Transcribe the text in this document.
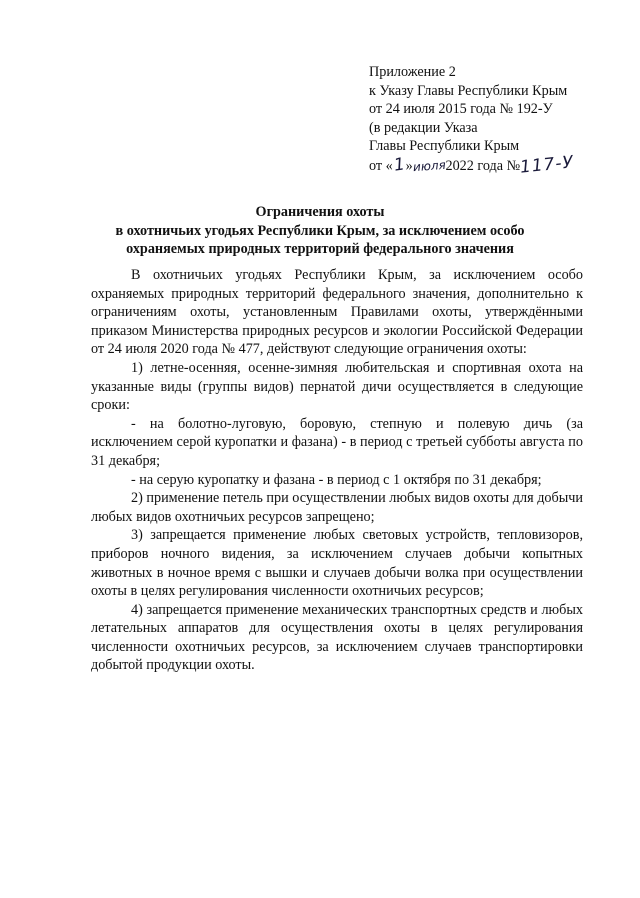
Приложение 2
к Указу Главы Республики Крым
от 24 июля 2015 года № 192-У
(в редакции Указа
Главы Республики Крым
от «1»июля2022 года №117-У
Ограничения охоты
в охотничьих угодьях Республики Крым, за исключением особо
охраняемых природных территорий федерального значения

В охотничьих угодьях Республики Крым, за исключением особо охраняемых природных территорий федерального значения, дополнительно к ограничениям охоты, установленным Правилами охоты, утверждёнными приказом Министерства природных ресурсов и экологии Российской Федерации от 24 июля 2020 года № 477, действуют следующие ограничения охоты:

1) летне-осенняя, осенне-зимняя любительская и спортивная охота на указанные виды (группы видов) пернатой дичи осуществляется в следующие сроки:

- на болотно-луговую, боровую, степную и полевую дичь (за исключением серой куропатки и фазана) - в период с третьей субботы августа по 31 декабря;

- на серую куропатку и фазана - в период с 1 октября по 31 декабря;

2) применение петель при осуществлении любых видов охоты для добычи любых видов охотничьих ресурсов запрещено;

3) запрещается применение любых световых устройств, тепловизоров, приборов ночного видения, за исключением случаев добычи копытных животных в ночное время с вышки и случаев добычи волка при осуществлении охоты в целях регулирования численности охотничьих ресурсов;

4) запрещается применение механических транспортных средств и любых летательных аппаратов для осуществления охоты в целях регулирования численности охотничьих ресурсов, за исключением случаев транспортировки добытой продукции охоты.
